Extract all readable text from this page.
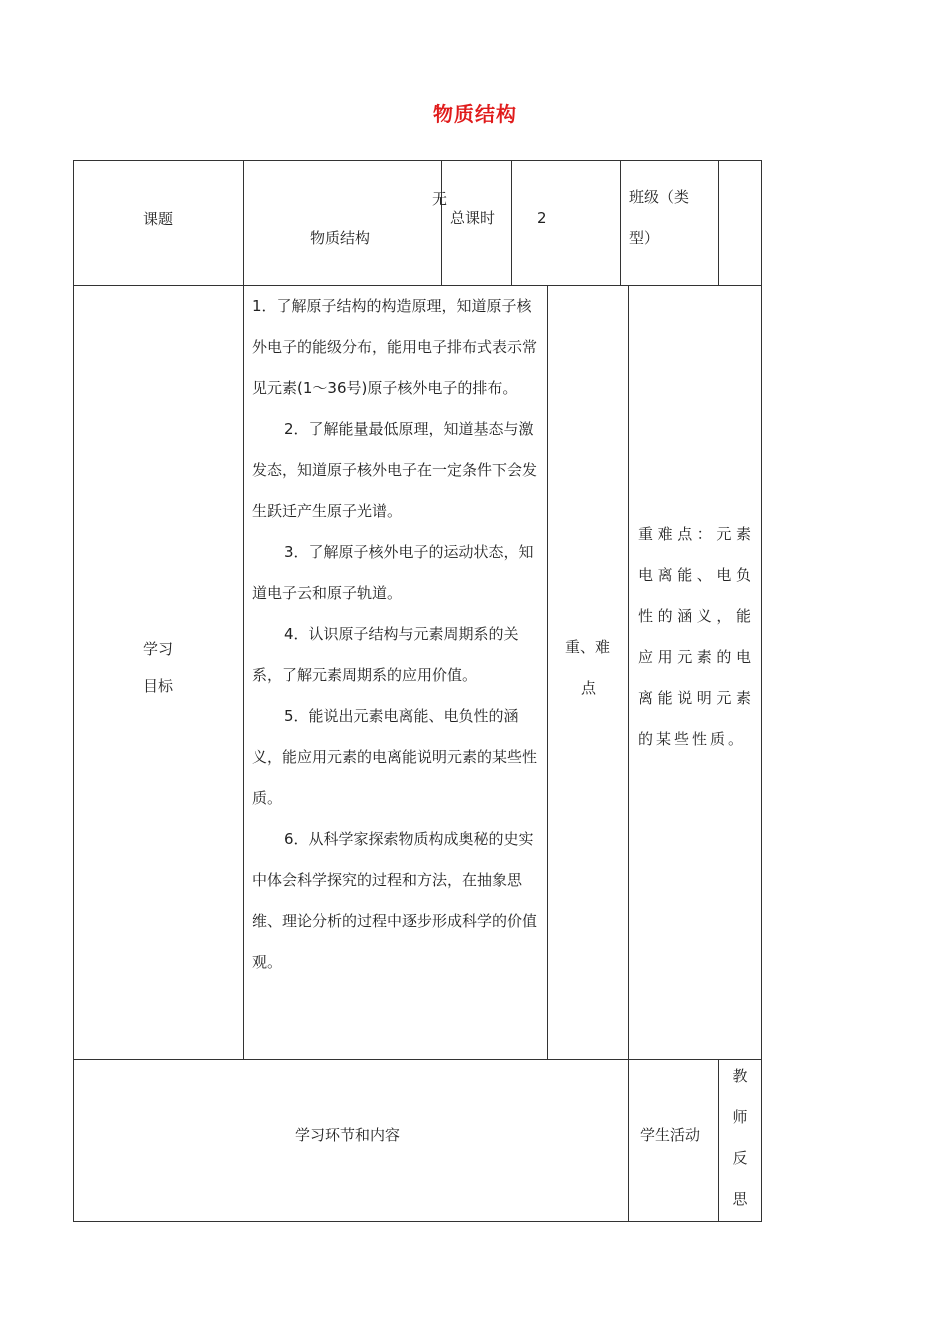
物质结构
课题
物质结构
无
总课时	2
班级（类
型）
学习
目标

1．了解原子结构的构造原理，知道原子核外电子的能级分布，能用电子排布式表示常见元素(1～36号)原子核外电子的排布。

2．了解能量最低原理，知道基态与激发态，知道原子核外电子在一定条件下会发生跃迁产生原子光谱。

3．了解原子核外电子的运动状态，知道电子云和原子轨道。

4．认识原子结构与元素周期系的关系，了解元素周期系的应用价值。

5．能说出元素电离能、电负性的涵义，能应用元素的电离能说明元素的某些性质。

6．从科学家探索物质构成奥秘的史实中体会科学探究的过程和方法，在抽象思维、理论分析的过程中逐步形成科学的价值观。

重、难
点
重难点：元素电离能、电负性的涵义，能应用元素的电离能说明元素的某些性质。
学习环节和内容	学生活动
教
师
反
思
